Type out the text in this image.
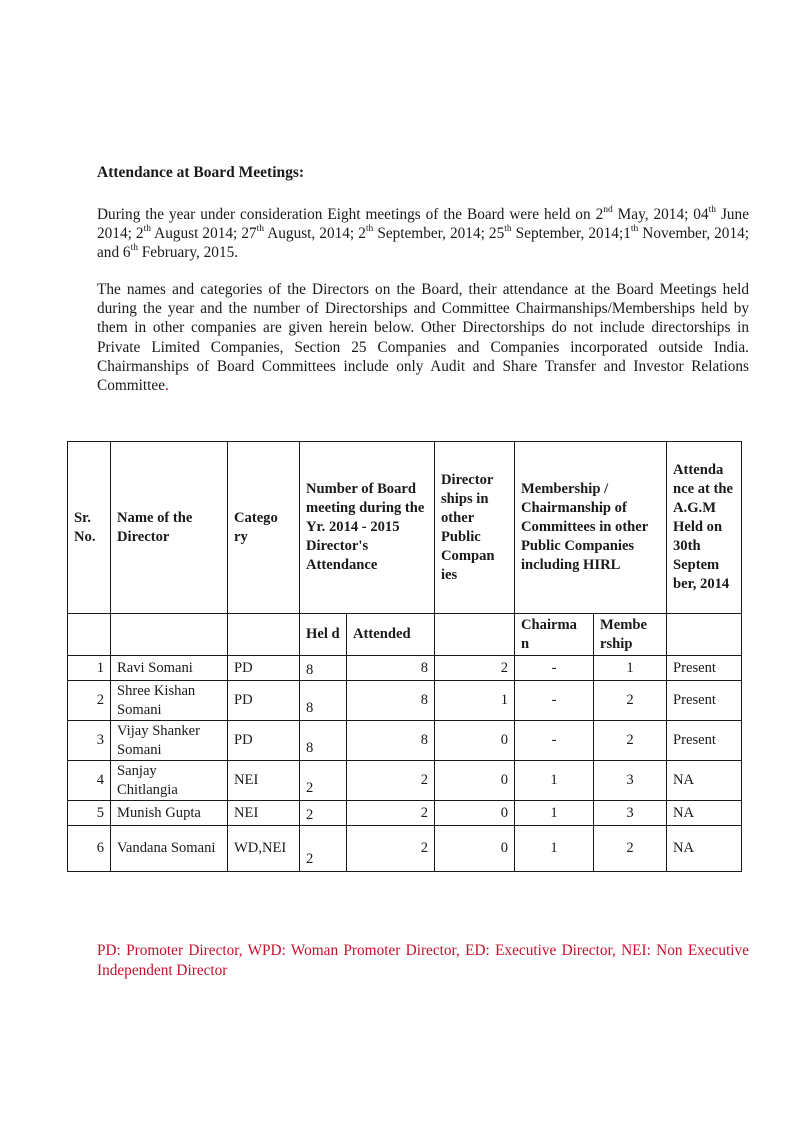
Attendance at Board Meetings:
During the year under consideration Eight meetings of the Board were held on 2nd May, 2014; 04th June 2014; 2th August 2014; 27th August, 2014; 2th September, 2014; 25th September, 2014;1th November, 2014; and 6th February, 2015.
The names and categories of the Directors on the Board, their attendance at the Board Meetings held during the year and the number of Directorships and Committee Chairmanships/Memberships held by them in other companies are given herein below. Other Directorships do not include directorships in Private Limited Companies, Section 25 Companies and Companies incorporated outside India. Chairmanships of Board Committees include only Audit and Share Transfer and Investor Relations Committee.
Sr. No.	Name of the Director	Catego ry	Number of Board meeting during the Yr. 2014 - 2015 Director's Attendance		Director ships in other Public Compan ies	Membership / Chairmanship of Committees in other Public Companies including HIRL		Attenda nce at the A.G.M Held on 30th Septem ber, 2014
			Hel d	Attended		Chairma n	Membe rship	
1	Ravi Somani	PD	8	8	2	-	1	Present
2	Shree Kishan Somani	PD	8	8	1	-	2	Present
3	Vijay Shanker Somani	PD	8	8	0	-	2	Present
4	Sanjay Chitlangia	NEI	2	2	0	1	3	NA
5	Munish Gupta	NEI	2	2	0	1	3	NA
6	Vandana Somani	WD,NEI	2	2	0	1	2	NA
PD: Promoter Director, WPD: Woman Promoter Director, ED: Executive Director, NEI: Non Executive Independent Director
